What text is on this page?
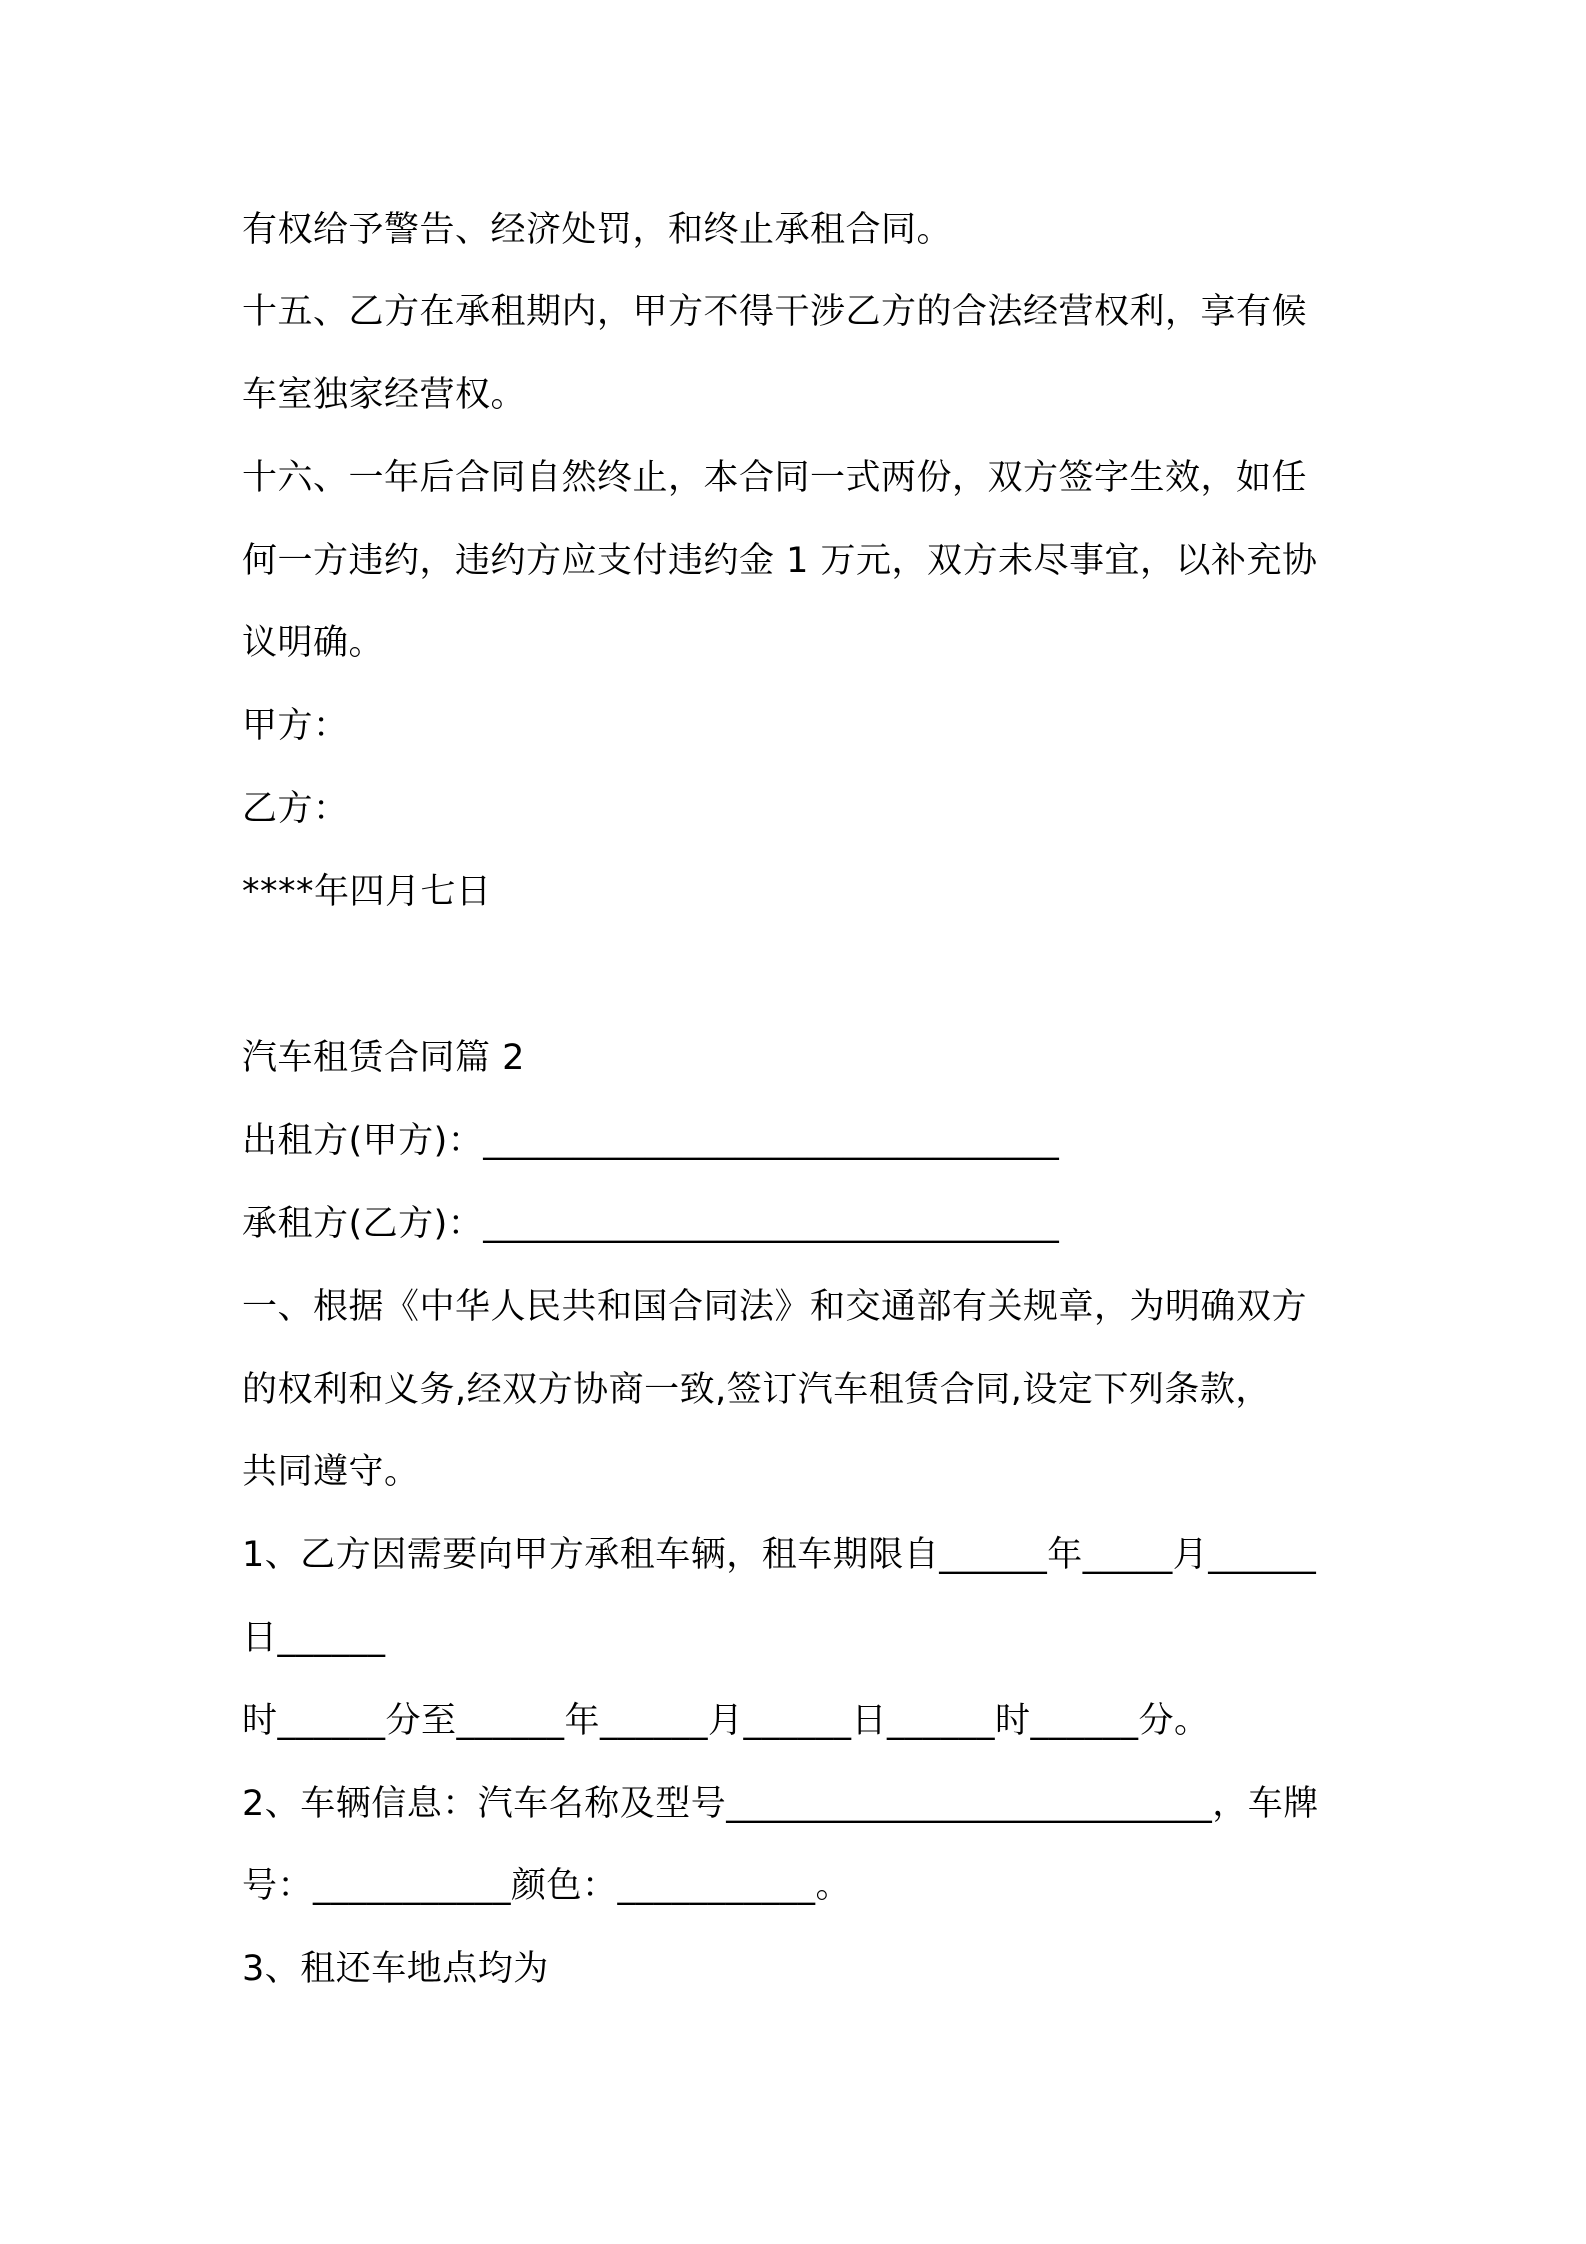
有权给予警告、经济处罚，和终止承租合同。
十五、乙方在承租期内，甲方不得干涉乙方的合法经营权利，享有候
车室独家经营权。
十六、一年后合同自然终止，本合同一式两份，双方签字生效，如任
何一方违约，违约方应支付违约金 1 万元，双方未尽事宜，以补充协
议明确。
甲方：
乙方：
****年四月七日
汽车租赁合同篇 2
出租方(甲方)：________________________________
承租方(乙方)：________________________________
一、根据《中华人民共和国合同法》和交通部有关规章，为明确双方
的权利和义务,经双方协商一致,签订汽车租赁合同,设定下列条款，
共同遵守。
1、乙方因需要向甲方承租车辆，租车期限自______年_____月______
日______
时______分至______年______月______日______时______分。
2、车辆信息：汽车名称及型号___________________________，车牌
号：___________颜色：___________。
3、租还车地点均为
